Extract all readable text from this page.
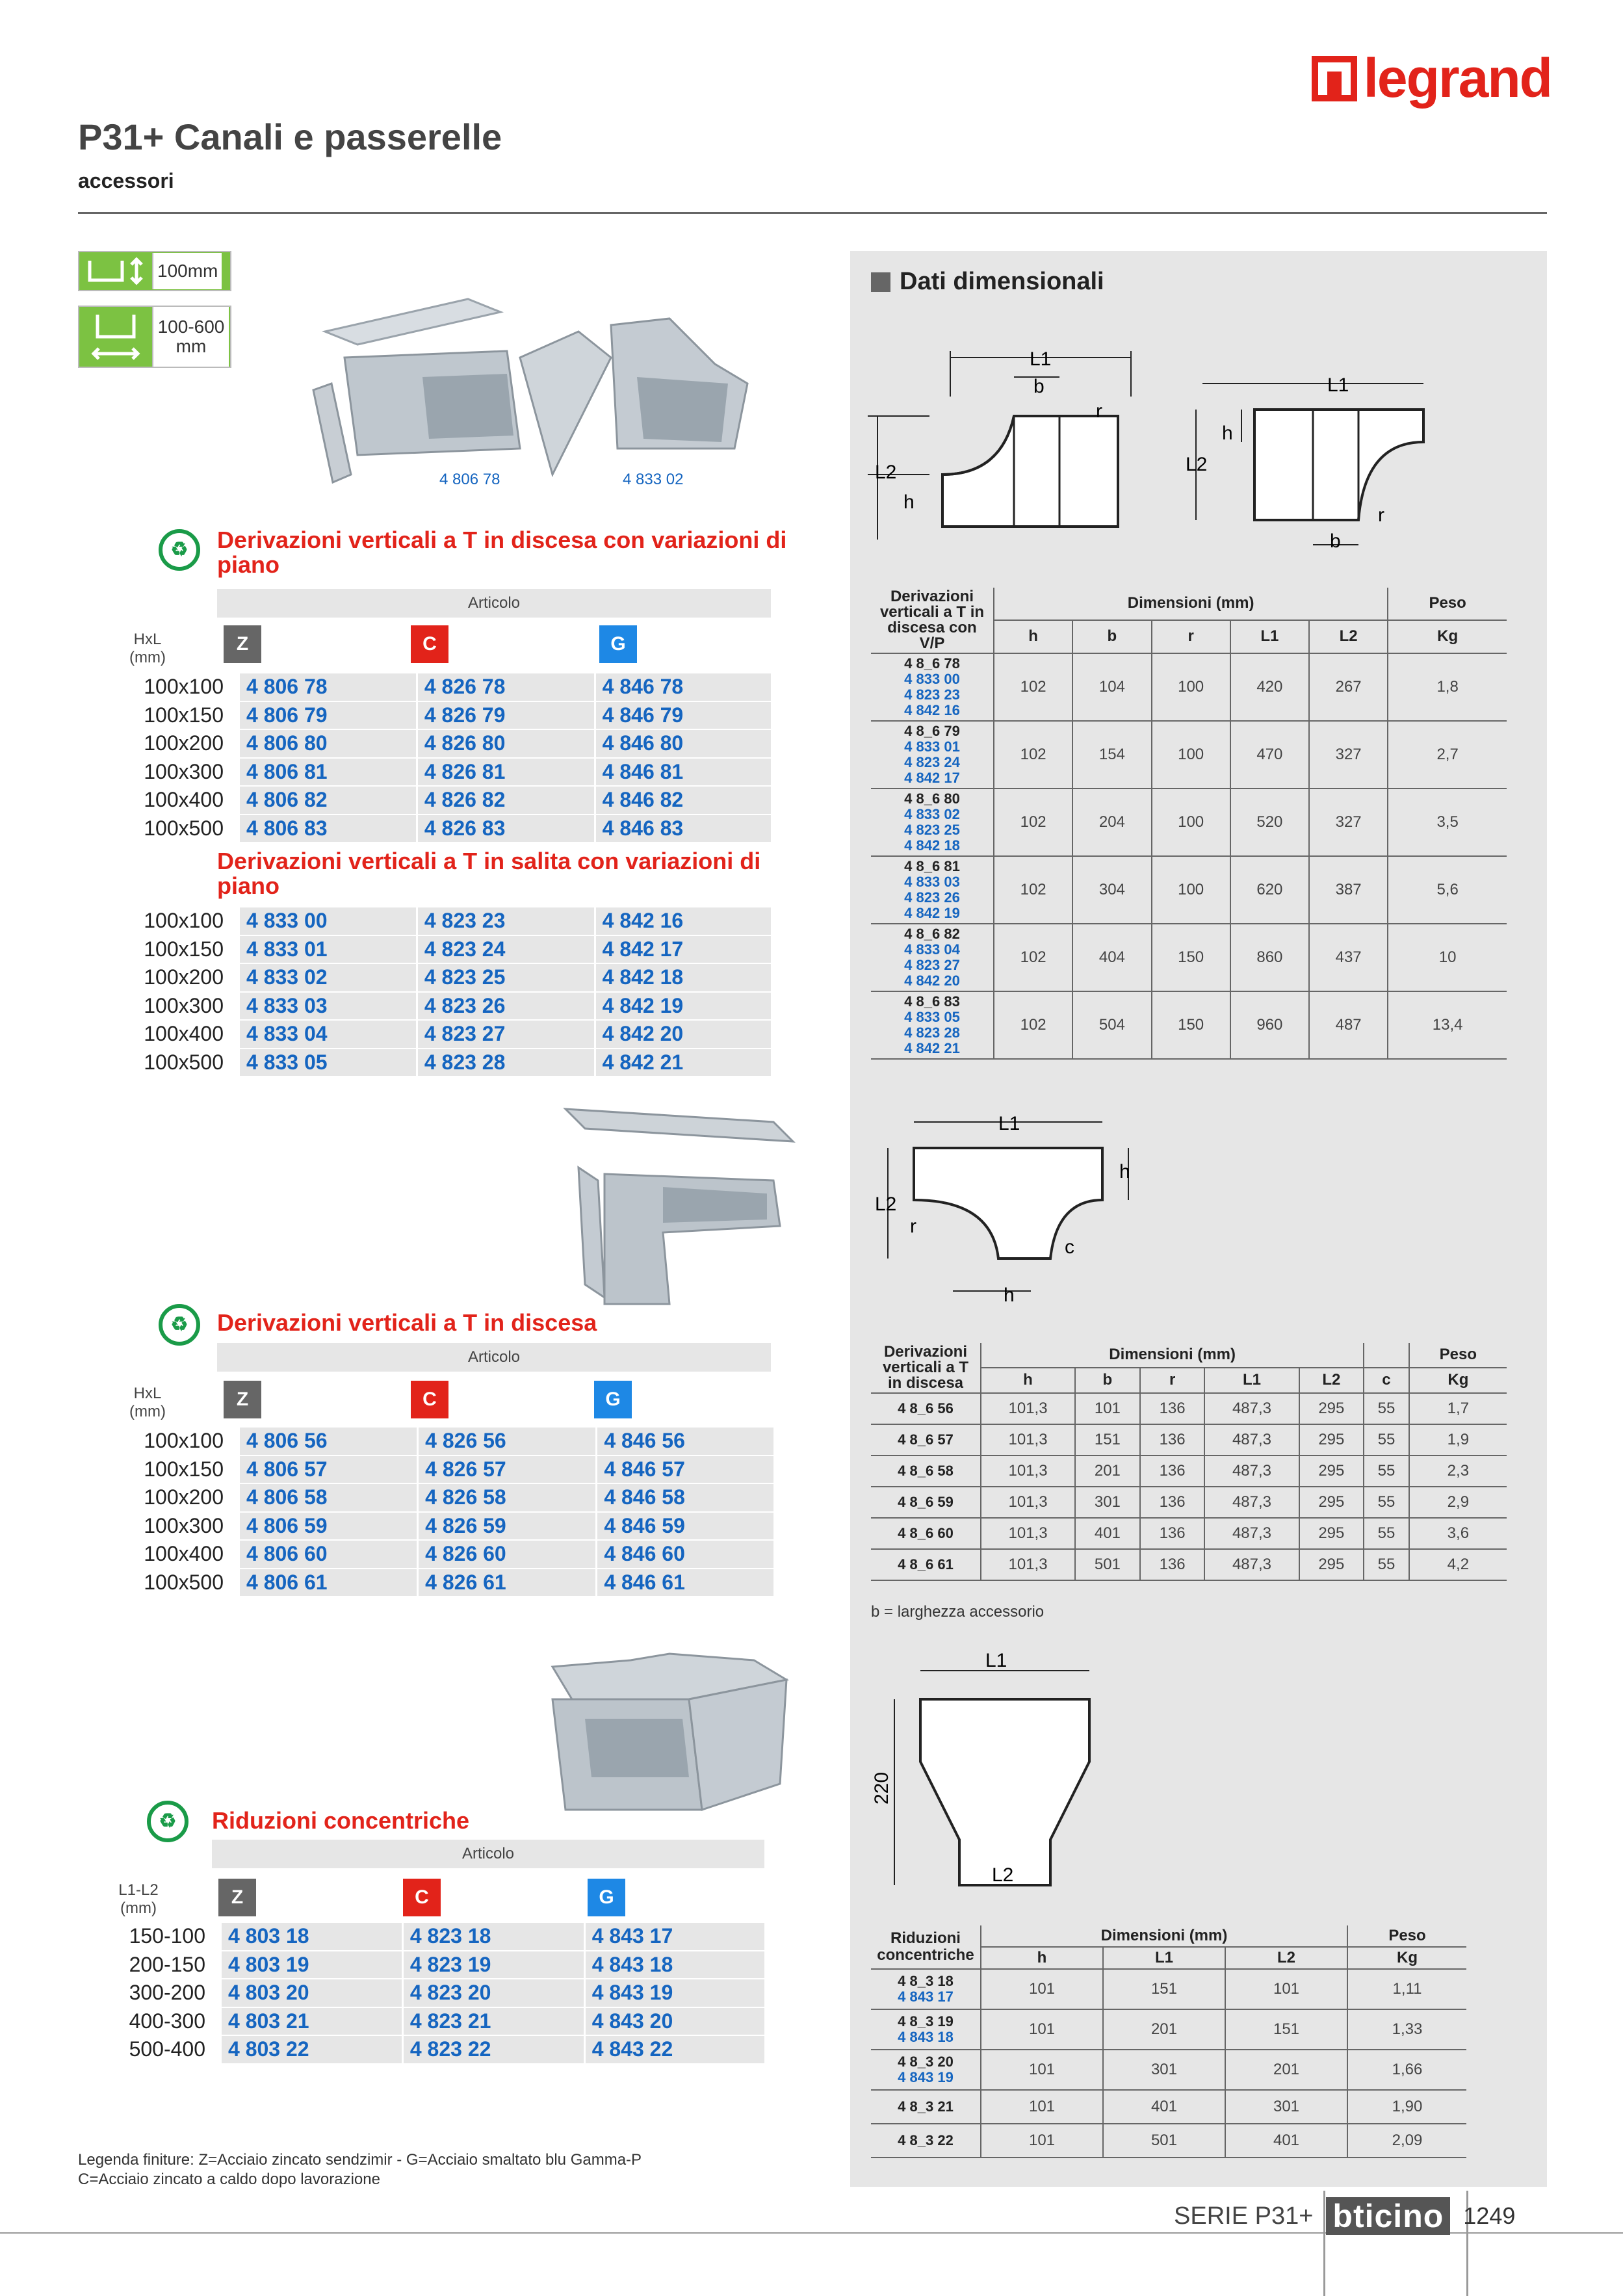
legrand
P31+ Canali e passerelle
accessori
100mm
100-600 mm
4 806 78	4 833 02
♻	Derivazioni verticali a T in discesa con variazioni di piano
Articolo
HxL (mm)
Z	C	G
100x100	4 806 78	4 826 78	4 846 78
100x150	4 806 79	4 826 79	4 846 79
100x200	4 806 80	4 826 80	4 846 80
100x300	4 806 81	4 826 81	4 846 81
100x400	4 806 82	4 826 82	4 846 82
100x500	4 806 83	4 826 83	4 846 83
Derivazioni verticali a T in salita con variazioni di piano
100x100	4 833 00	4 823 23	4 842 16
100x150	4 833 01	4 823 24	4 842 17
100x200	4 833 02	4 823 25	4 842 18
100x300	4 833 03	4 823 26	4 842 19
100x400	4 833 04	4 823 27	4 842 20
100x500	4 833 05	4 823 28	4 842 21
♻	Derivazioni verticali a T in discesa
Articolo
HxL (mm)
Z	C	G
100x100	4 806 56	4 826 56	4 846 56
100x150	4 806 57	4 826 57	4 846 57
100x200	4 806 58	4 826 58	4 846 58
100x300	4 806 59	4 826 59	4 846 59
100x400	4 806 60	4 826 60	4 846 60
100x500	4 806 61	4 826 61	4 846 61
♻	Riduzioni concentriche
Articolo
L1-L2 (mm)
Z	C	G
150-100	4 803 18	4 823 18	4 843 17
200-150	4 803 19	4 823 19	4 843 18
300-200	4 803 20	4 823 20	4 843 19
400-300	4 803 21	4 823 21	4 843 20
500-400	4 803 22	4 823 22	4 843 22
Legenda finiture: Z=Acciaio zincato sendzimir - G=Acciaio smaltato blu Gamma-P
C=Acciaio zincato a caldo dopo lavorazione
Dati dimensionali
L1
b
r
L2
h
L1
h
L2
r
b
Derivazioni verticali a T in discesa con V/P	Dimensioni (mm)					Peso
	h	b	r	L1	L2	Kg

4 8_6 78
4 833 00
4 823 23
4 842 16	102	104	100	420	267	1,8

4 8_6 79
4 833 01
4 823 24
4 842 17	102	154	100	470	327	2,7

4 8_6 80
4 833 02
4 823 25
4 842 18	102	204	100	520	327	3,5

4 8_6 81
4 833 03
4 823 26
4 842 19	102	304	100	620	387	5,6

4 8_6 82
4 833 04
4 823 27
4 842 20	102	404	150	860	437	10

4 8_6 83
4 833 05
4 823 28
4 842 21	102	504	150	960	487	13,4
L1
h
L2
r
c
h
Derivazioni verticali a T in discesa	Dimensioni (mm)						Peso
	h	b	r	L1	L2	c	Kg
4 8_6 56	101,3	101	136	487,3	295	55	1,7
4 8_6 57	101,3	151	136	487,3	295	55	1,9
4 8_6 58	101,3	201	136	487,3	295	55	2,3
4 8_6 59	101,3	301	136	487,3	295	55	2,9
4 8_6 60	101,3	401	136	487,3	295	55	3,6
4 8_6 61	101,3	501	136	487,3	295	55	4,2
b = larghezza accessorio
L1
L2
220
Riduzioni concentriche	Dimensioni (mm)			Peso
	h	L1	L2	Kg

4 8_3 18
4 843 17	101	151	101	1,11

4 8_3 19
4 843 18	101	201	151	1,33

4 8_3 20
4 843 19	101	301	201	1,66

4 8_3 21	101	401	301	1,90

4 8_3 22	101	501	401	2,09
SERIE P31+ bticino 1249
